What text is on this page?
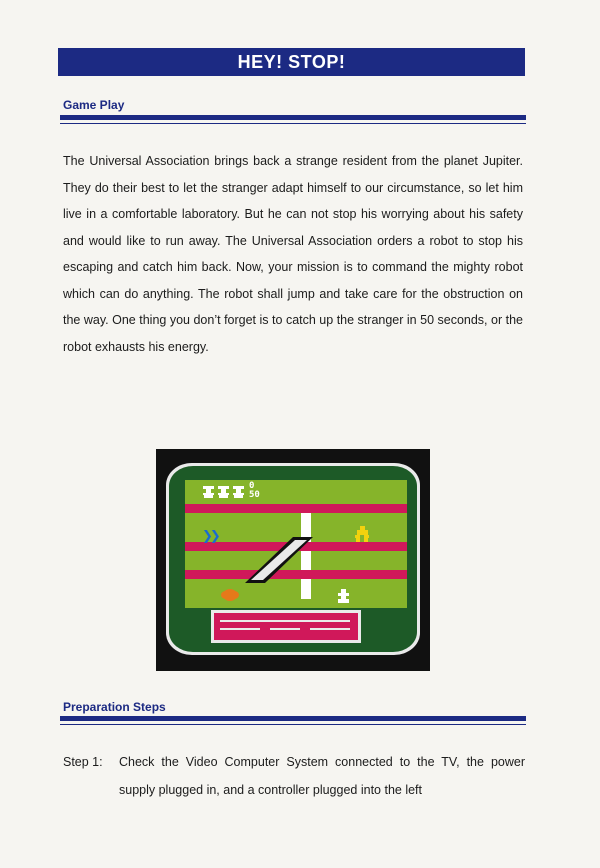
HEY! STOP!
Game Play
The Universal Association brings back a strange resident from the planet Jupiter. They do their best to let the stranger adapt himself to our circumstance, so let him live in a comfortable laboratory. But he can not stop his worrying about his safety and would like to run away. The Universal Association orders a robot to stop his escaping and catch him back. Now, your mission is to command the mighty robot which can do anything. The robot shall jump and take care for the obstruction on the way. One thing you don’t forget is to catch up the stranger in 50 seconds, or the robot exhausts his energy.
0
50
❯❯
Preparation Steps
Step 1:	Check the Video Computer System connected to the TV, the power supply plugged in, and a controller plugged into the left
